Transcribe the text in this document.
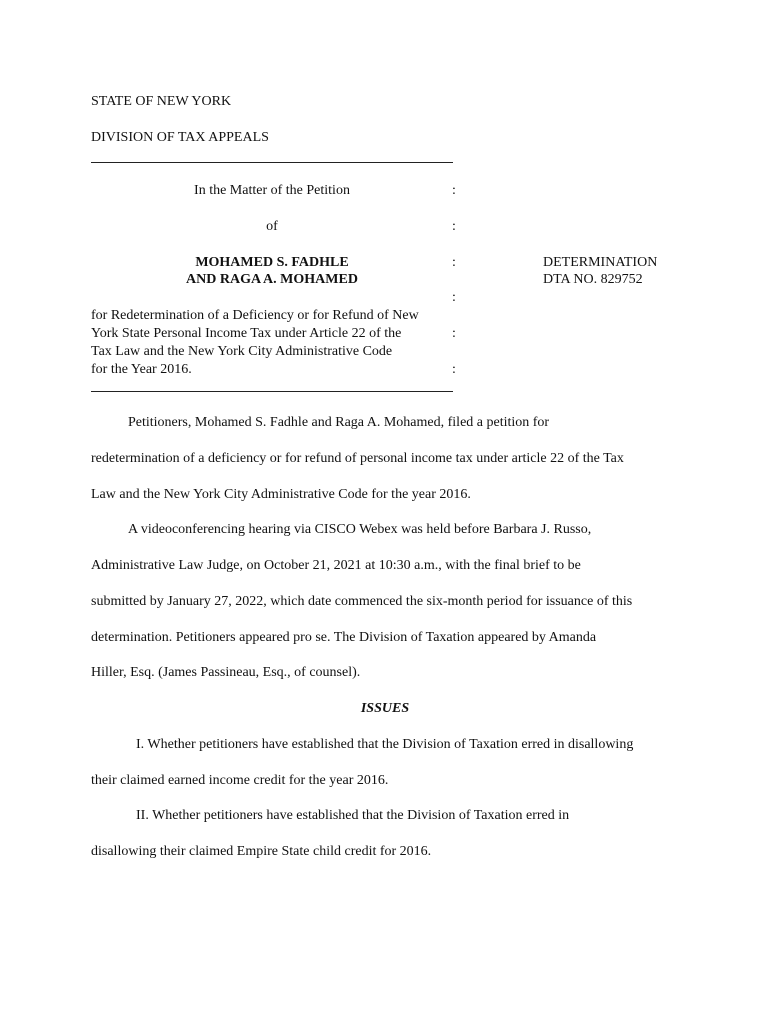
STATE OF NEW YORK
DIVISION OF TAX APPEALS
In the Matter of the Petition
of
MOHAMED S. FADHLE
AND RAGA A. MOHAMED
for Redetermination of a Deficiency or for Refund of New
York State Personal Income Tax under Article 22 of the
Tax Law and the New York City Administrative Code
for the Year 2016.
:
:
:
:
:
:
DETERMINATION
DTA NO. 829752
Petitioners, Mohamed S. Fadhle and Raga A. Mohamed, filed a petition for
redetermination of a deficiency or for refund of personal income tax under article 22 of the Tax
Law and the New York City Administrative Code for the year 2016.
A videoconferencing hearing via CISCO Webex was held before Barbara J. Russo,
Administrative Law Judge, on October 21, 2021 at 10:30 a.m., with the final brief to be
submitted by January 27, 2022, which date commenced the six-month period for issuance of this
determination. Petitioners appeared pro se. The Division of Taxation appeared by Amanda
Hiller, Esq. (James Passineau, Esq., of counsel).
ISSUES
I. Whether petitioners have established that the Division of Taxation erred in disallowing
their claimed earned income credit for the year 2016.
II. Whether petitioners have established that the Division of Taxation erred in
disallowing their claimed Empire State child credit for 2016.
